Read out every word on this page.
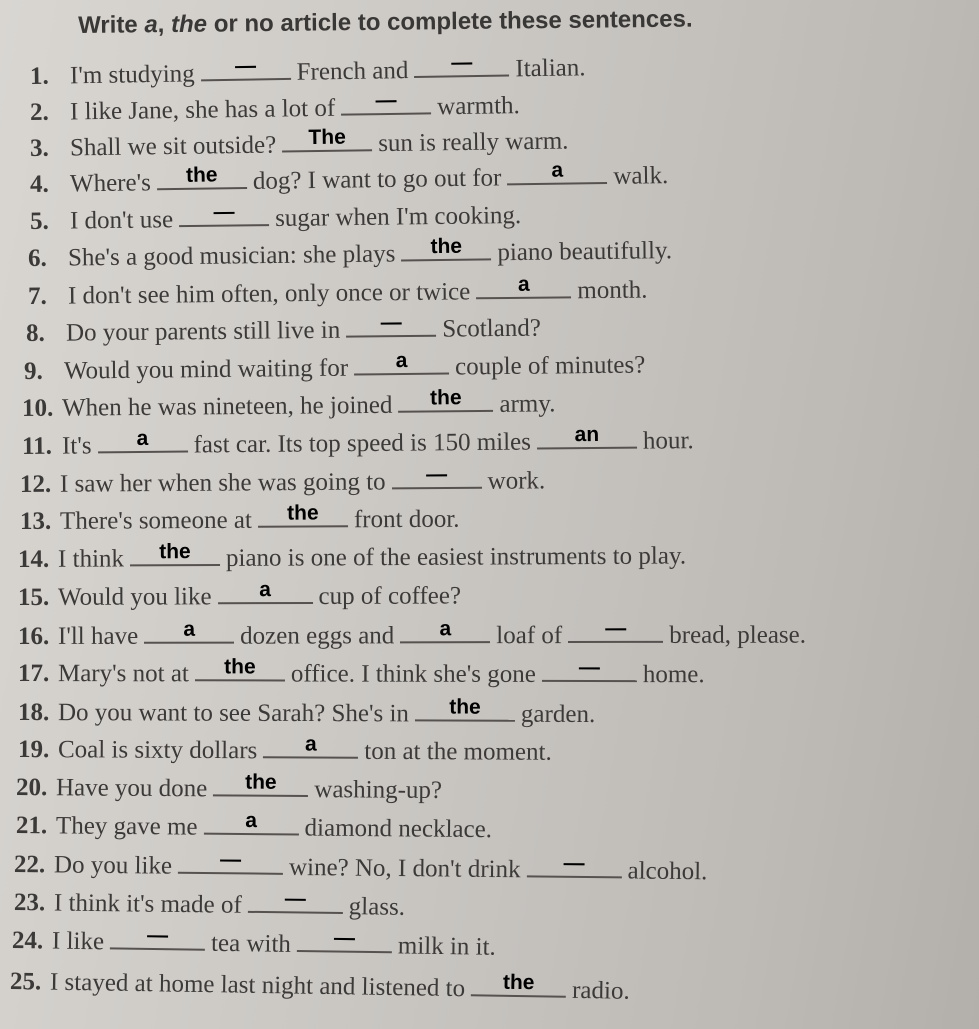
Write a, the or no article to complete these sentences.
1. I'm studying	—	French and	—	Italian.
2. I like Jane, she has a lot of	—	warmth.
3. Shall we sit outside?	The	sun is really warm.
4. Where's	the	dog? I want to go out for	a	walk.
5. I don't use	—	sugar when I'm cooking.
6. She's a good musician: she plays	the	piano beautifully.
7. I don't see him often, only once or twice	a	month.
8. Do your parents still live in	—	Scotland?
9. Would you mind waiting for	a	couple of minutes?
10. When he was nineteen, he joined	the	army.
11. It's	a	fast car. Its top speed is 150 miles	an	hour.
12. I saw her when she was going to	—	work.
13. There's someone at	the	front door.
14. I think	the	piano is one of the easiest instruments to play.
15. Would you like	a	cup of coffee?
16. I'll have	a	dozen eggs and	a	loaf of	—	bread, please.
17. Mary's not at	the	office. I think she's gone	—	home.
18. Do you want to see Sarah? She's in	the	garden.
19. Coal is sixty dollars	a	ton at the moment.
20. Have you done	the	washing-up?
21. They gave me	a	diamond necklace.
22. Do you like	—	wine? No, I don't drink	—	alcohol.
23. I think it's made of	—	glass.
24. I like	—	tea with	—	milk in it.
25. I stayed at home last night and listened to	the	radio.
